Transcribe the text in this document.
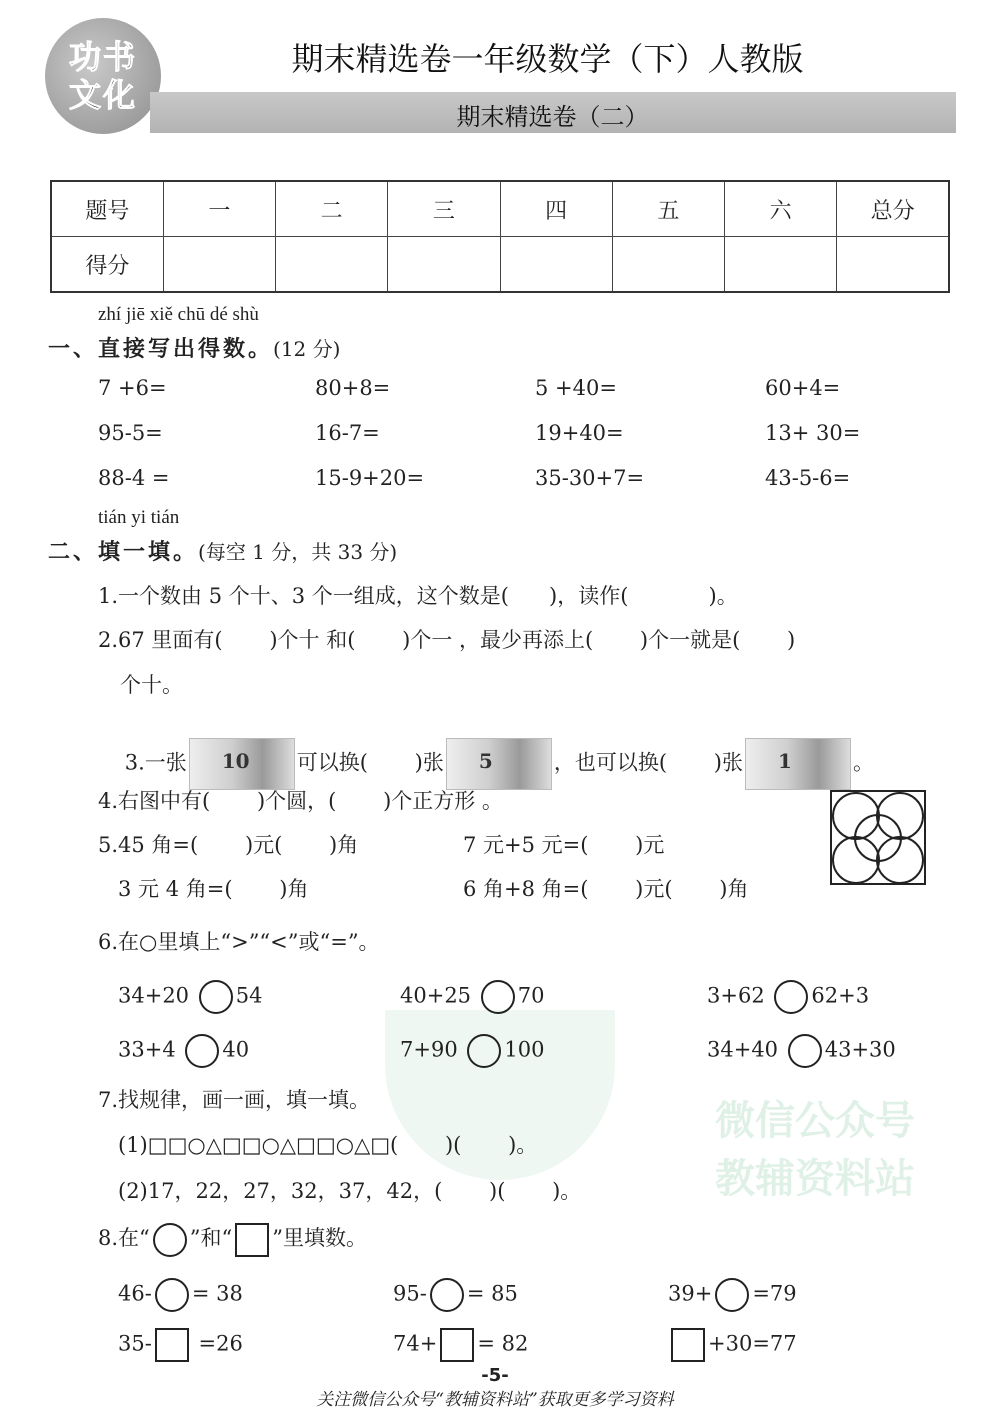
微信公众号
教辅资料站
功书
文化
期末精选卷一年级数学（下）人教版
期末精选卷（二）
题号	一	二	三	四	五	六	总分
得分							
zhí jiē xiě chū dé shù
一、直接写出得数。(12 分)
tián yi tián
二、填一填。(每空 1 分，共 33 分)
1.一个数由 5 个十、3 个一组成，这个数是(      )，读作(            )。
2.67 里面有(       )个十 和(       )个一 ，最少再添上(       )个一就是(       )
个十。

3.一张 10 可以换(       )张 5	，也可以换(       )张 1	。

4.右图中有(       )个圆，(       )个正方形 。
5.45 角=(       )元(       )角	7 元+5 元=(       )元
3 元 4 角=(       )角	6 角+8 角=(       )元(       )角
6.在○里填上“>”“<”或“=”。
7.找规律，画一画，填一填。
(1)□□○△□□○△□□○△□(       )(       )。
(2)17，22，27，32，37，42，(       )(       )。
8.在“ ”和“ ”里填数。
-5-
关注微信公众号“教辅资料站”获取更多学习资料
7 +6=	80+8=	5 +40=	60+4=
95-5=	16-7=	19+40=	13+ 30=
88-4 =	15-9+20=	35-30+7=	43-5-6=
34+20 54	40+25 70	3+62 62+3
33+4 40	7+90 100	34+40 43+30
46- = 38	95- = 85	39+ =79
35- =26	74+ = 82	+30=77
